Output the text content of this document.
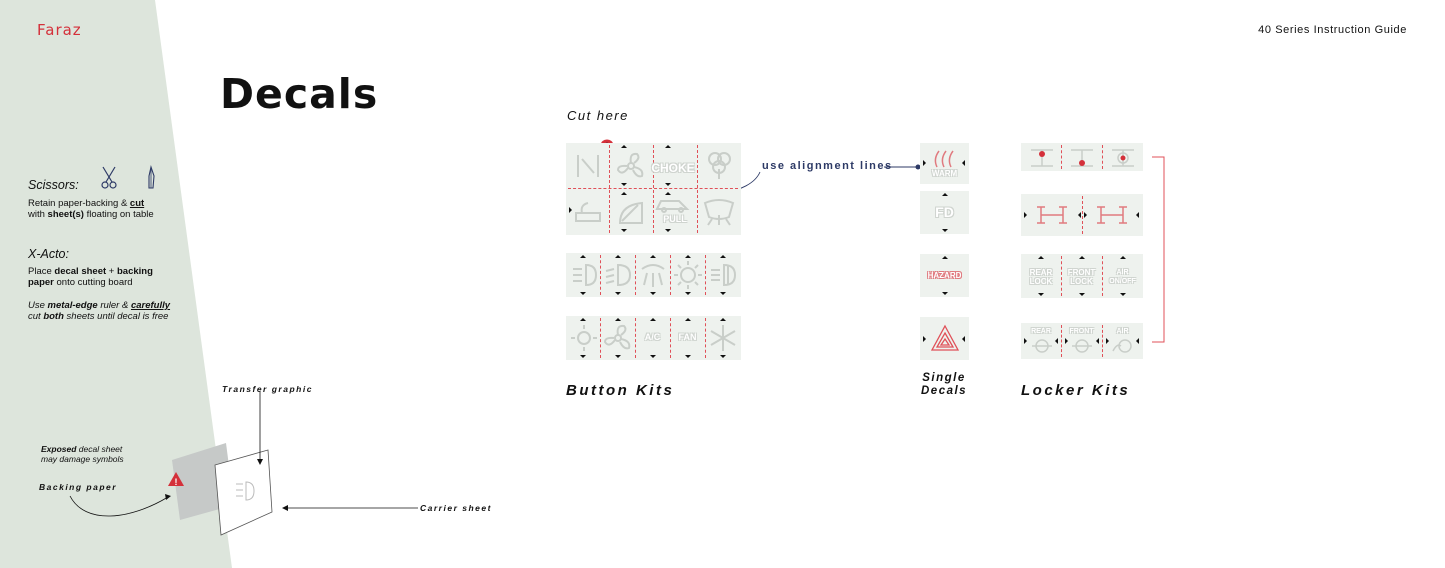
Faraz	40 Series Instruction Guide
Decals
Scissors:
Retain paper-backing & cut
with sheet(s) floating on table
X-Acto:
Place decal sheet + backing
paper onto cutting board
Use metal-edge ruler & carefully
cut both sheets until decal is free
Exposed decal sheet
may damage symbols
Backing paper
Transfer graphic
Carrier sheet
!
Cut here
use alignment lines
CHOKE
PULL
A/C	FAN
Button Kits
WARM
FD
HAZARD
Single
Decals
REAR
LOCK
FRONT
LOCK
AIR
ON/OFF
REAR	FRONT	AIR
Locker Kits
